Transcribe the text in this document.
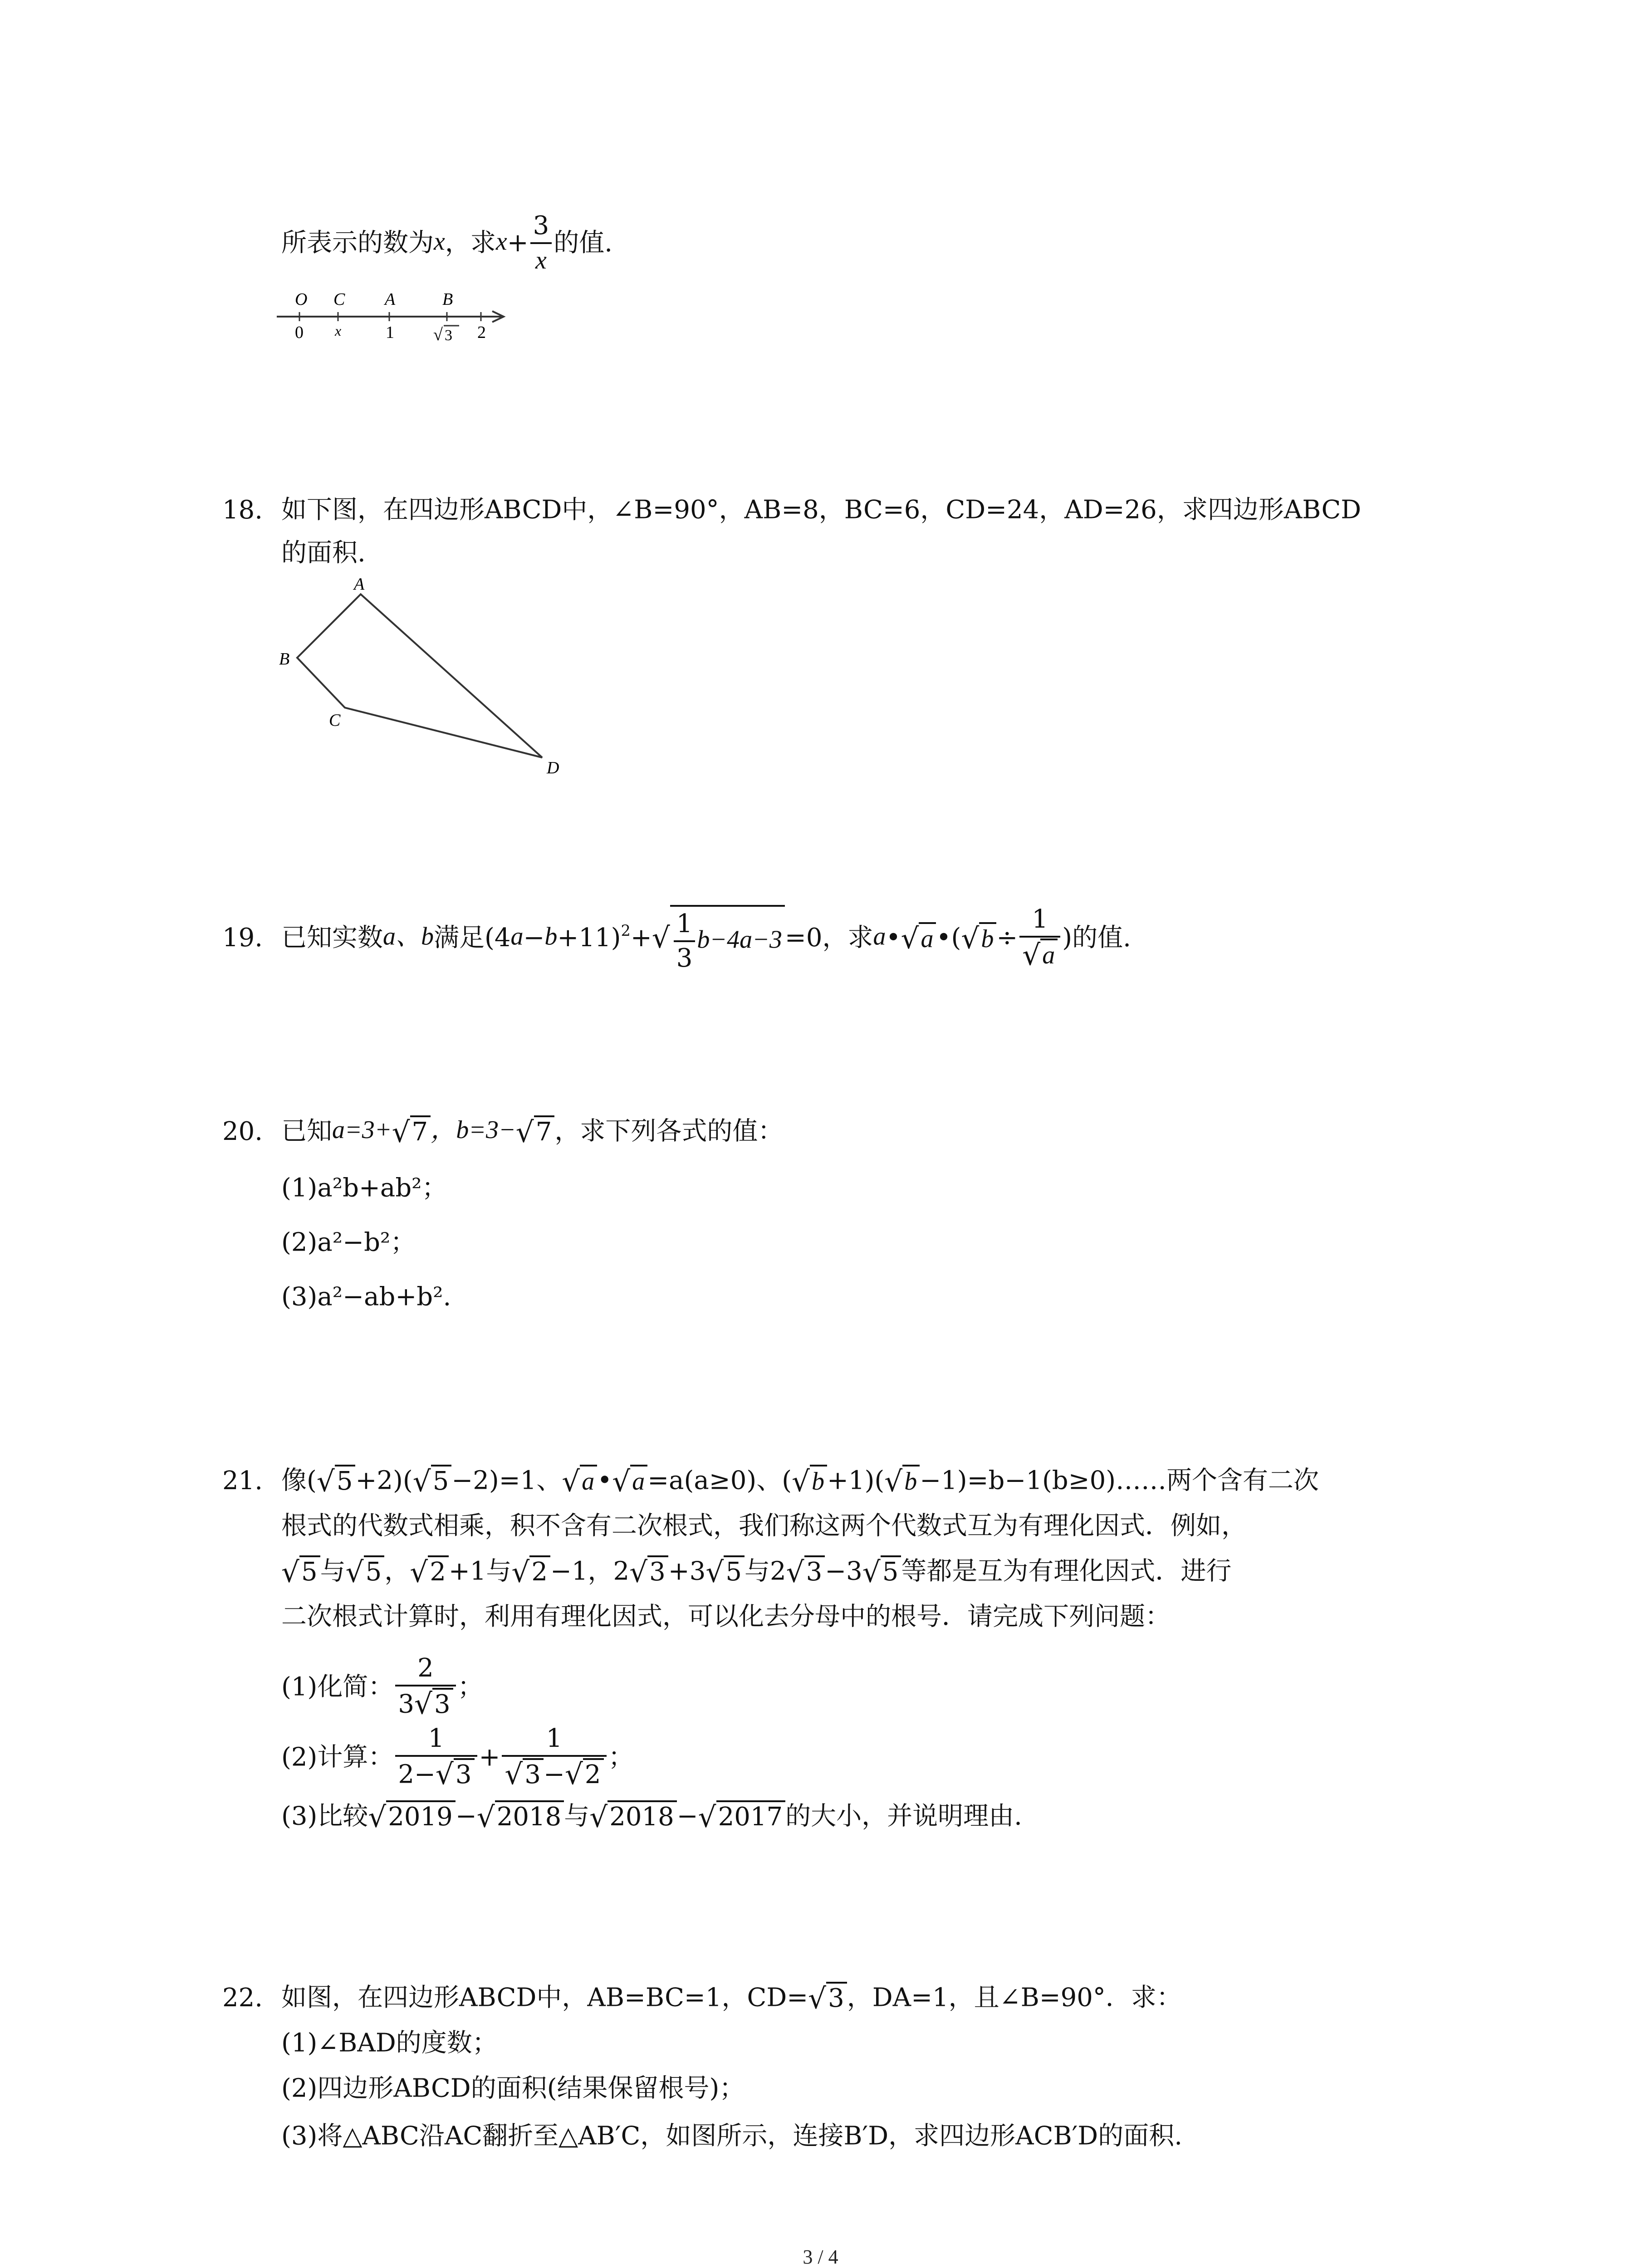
所表示的数为x，求$x+ \frac{3}{x}$ 的值.
O C A	B
0 x	1 √ 3 2
18. 如下图，在四边形ABCD中，∠B=90°，AB=8，BC=6，CD=24，AD=26，求四边形ABCD
的面积.
A
B
C
D
19. 已知实数a、b满足$(4a-b+11)^2+√ \frac{1}{3} b-4a-3 =0$，求a•√a •(√b ÷ $\frac{1}{√a}$ )的值.
20. 已知a=3+√7 ，b=3−√7 ，求下列各式的值：
(1)a²b+ab²；
(2)a²−b²；
(3)a²−ab+b².
21. 像(√5 +2)(√5 −2)=1、√a •√a =a(a≥0)、(√b +1)(√b −1)=b−1(b≥0)……两个含有二次
根式的代数式相乘，积不含有二次根式，我们称这两个代数式互为有理化因式．例如，
√5 与√5 ，√2 +1与√2 −1，2√3 +3√5 与2√3 −3√5 等都是互为有理化因式．进行
二次根式计算时，利用有理化因式，可以化去分母中的根号．请完成下列问题：
(1)化简： $\frac{2}{3√3}$ ；
(2)计算： $\frac{1}{2-√3} + \frac{1}{√3 -√2}$ ；
(3)比较√2019 −√2018 与√2018 −√2017 的大小，并说明理由.
22. 如图，在四边形ABCD中，AB=BC=1，CD=√3 ，DA=1，且∠B=90°．求：
(1)∠BAD的度数；
(2)四边形ABCD的面积(结果保留根号)；
(3)将△ABC沿AC翻折至△AB′C，如图所示，连接B′D，求四边形ACB′D的面积.
3 / 4
